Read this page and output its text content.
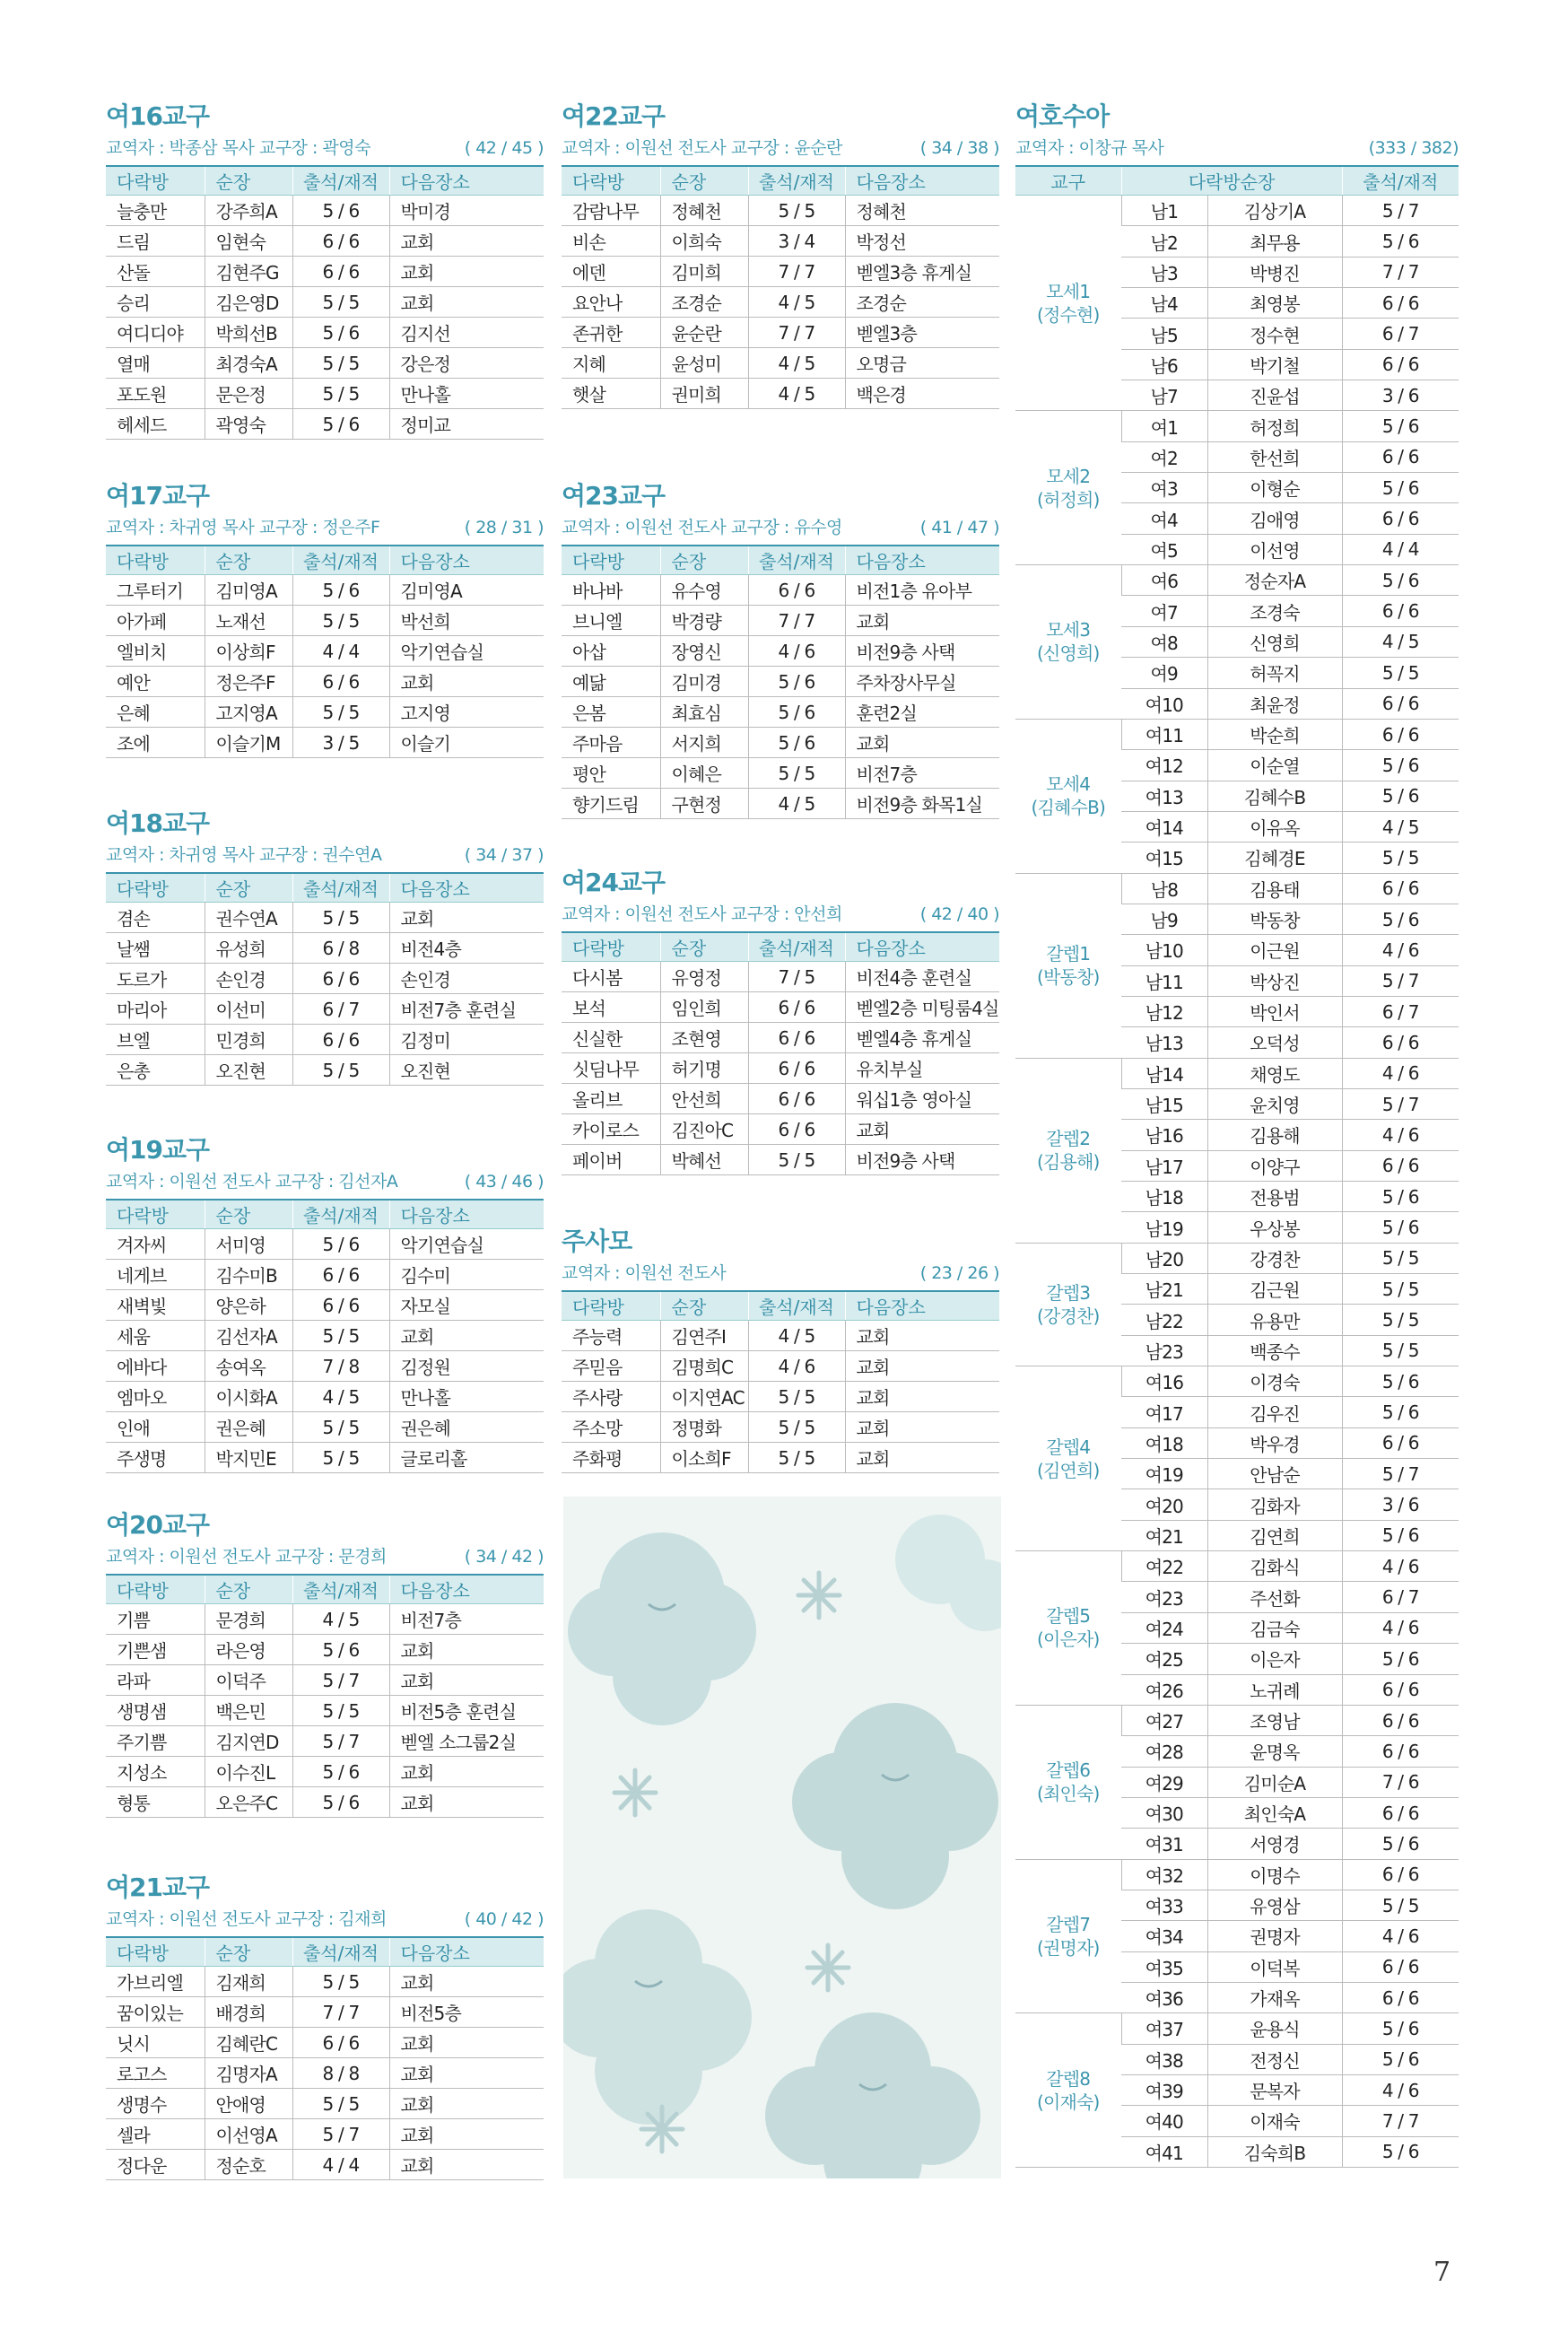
여호수아
교역자 : 이창규 목사	(333 / 382)
교구	다락방순장		출석/재적

모세1
(정수현)	남1	김상기A	5 / 7
	남2	최무용	5 / 6
	남3	박병진	7 / 7
	남4	최영봉	6 / 6
	남5	정수현	6 / 7
	남6	박기철	6 / 6
	남7	진윤섭	3 / 6

모세2
(허정희)	여1	허정희	5 / 6
	여2	한선희	6 / 6
	여3	이형순	5 / 6
	여4	김애영	6 / 6
	여5	이선영	4 / 4

모세3
(신영희)	여6	정순자A	5 / 6
	여7	조경숙	6 / 6
	여8	신영희	4 / 5
	여9	허꼭지	5 / 5
	여10	최윤정	6 / 6

모세4
(김혜수B)	여11	박순희	6 / 6
	여12	이순열	5 / 6
	여13	김혜수B	5 / 6
	여14	이유옥	4 / 5
	여15	김혜경E	5 / 5

갈렙1
(박동창)	남8	김용태	6 / 6
	남9	박동창	5 / 6
	남10	이근원	4 / 6
	남11	박상진	5 / 7
	남12	박인서	6 / 7
	남13	오덕성	6 / 6

갈렙2
(김용해)	남14	채영도	4 / 6
	남15	윤치영	5 / 7
	남16	김용해	4 / 6
	남17	이양구	6 / 6
	남18	전용범	5 / 6
	남19	우상봉	5 / 6

갈렙3
(강경찬)	남20	강경찬	5 / 5
	남21	김근원	5 / 5
	남22	유용만	5 / 5
	남23	백종수	5 / 5

갈렙4
(김연희)	여16	이경숙	5 / 6
	여17	김우진	5 / 6
	여18	박우경	6 / 6
	여19	안남순	5 / 7
	여20	김화자	3 / 6
	여21	김연희	5 / 6

갈렙5
(이은자)	여22	김화식	4 / 6
	여23	주선화	6 / 7
	여24	김금숙	4 / 6
	여25	이은자	5 / 6
	여26	노귀례	6 / 6

갈렙6
(최인숙)	여27	조영남	6 / 6
	여28	윤명옥	6 / 6
	여29	김미순A	7 / 6
	여30	최인숙A	6 / 6
	여31	서영경	5 / 6

갈렙7
(권명자)	여32	이명수	6 / 6
	여33	유영삼	5 / 5
	여34	권명자	4 / 6
	여35	이덕복	6 / 6
	여36	가재옥	6 / 6

갈렙8
(이재숙)	여37	윤용식	5 / 6
	여38	전정신	5 / 6
	여39	문복자	4 / 6
	여40	이재숙	7 / 7
	여41	김숙희B	5 / 6
7
여16교구
교역자 : 박종삼 목사 교구장 : 곽영숙	( 42 / 45 )
다락방	순장	출석/재적	다음장소
늘충만	강주희A	5 / 6	박미경
드림	임현숙	6 / 6	교회
산돌	김현주G	6 / 6	교회
승리	김은영D	5 / 5	교회
여디디야	박희선B	5 / 6	김지선
열매	최경숙A	5 / 5	강은정
포도원	문은정	5 / 5	만나홀
헤세드	곽영숙	5 / 6	정미교
여17교구
교역자 : 차귀영 목사 교구장 : 정은주F	( 28 / 31 )
다락방	순장	출석/재적	다음장소
그루터기	김미영A	5 / 6	김미영A
아가페	노재선	5 / 5	박선희
엘비치	이상희F	4 / 4	악기연습실
예안	정은주F	6 / 6	교회
은혜	고지영A	5 / 5	고지영
조에	이슬기M	3 / 5	이슬기
여18교구
교역자 : 차귀영 목사 교구장 : 권수연A	( 34 / 37 )
다락방	순장	출석/재적	다음장소
겸손	권수연A	5 / 5	교회
날쌤	유성희	6 / 8	비전4층
도르가	손인경	6 / 6	손인경
마리아	이선미	6 / 7	비전7층 훈련실
브엘	민경희	6 / 6	김정미
은총	오진현	5 / 5	오진현
여19교구
교역자 : 이원선 전도사 교구장 : 김선자A	( 43 / 46 )
다락방	순장	출석/재적	다음장소
겨자씨	서미영	5 / 6	악기연습실
네게브	김수미B	6 / 6	김수미
새벽빛	양은하	6 / 6	자모실
세움	김선자A	5 / 5	교회
에바다	송여옥	7 / 8	김정원
엠마오	이시화A	4 / 5	만나홀
인애	권은혜	5 / 5	권은혜
주생명	박지민E	5 / 5	글로리홀
여20교구
교역자 : 이원선 전도사 교구장 : 문경희	( 34 / 42 )
다락방	순장	출석/재적	다음장소
기쁨	문경희	4 / 5	비전7층
기쁜샘	라은영	5 / 6	교회
라파	이덕주	5 / 7	교회
생명샘	백은민	5 / 5	비전5층 훈련실
주기쁨	김지연D	5 / 7	벧엘 소그룹2실
지성소	이수진L	5 / 6	교회
형통	오은주C	5 / 6	교회
여21교구
교역자 : 이원선 전도사 교구장 : 김재희	( 40 / 42 )
다락방	순장	출석/재적	다음장소
가브리엘	김재희	5 / 5	교회
꿈이있는	배경희	7 / 7	비전5층
닛시	김혜란C	6 / 6	교회
로고스	김명자A	8 / 8	교회
생명수	안애영	5 / 5	교회
셀라	이선영A	5 / 7	교회
정다운	정순호	4 / 4	교회
여22교구
교역자 : 이원선 전도사 교구장 : 윤순란	( 34 / 38 )
다락방	순장	출석/재적	다음장소
감람나무	정혜천	5 / 5	정혜천
비손	이희숙	3 / 4	박정선
에덴	김미희	7 / 7	벧엘3층 휴게실
요안나	조경순	4 / 5	조경순
존귀한	윤순란	7 / 7	벧엘3층
지혜	윤성미	4 / 5	오명금
햇살	권미희	4 / 5	백은경
여23교구
교역자 : 이원선 전도사 교구장 : 유수영	( 41 / 47 )
다락방	순장	출석/재적	다음장소
바나바	유수영	6 / 6	비전1층 유아부
브니엘	박경량	7 / 7	교회
아삽	장영신	4 / 6	비전9층 사택
예닮	김미경	5 / 6	주차장사무실
은봄	최효심	5 / 6	훈련2실
주마음	서지희	5 / 6	교회
평안	이혜은	5 / 5	비전7층
향기드림	구현정	4 / 5	비전9층 화목1실
여24교구
교역자 : 이원선 전도사 교구장 : 안선희	( 42 / 40 )
다락방	순장	출석/재적	다음장소
다시봄	유영정	7 / 5	비전4층 훈련실
보석	임인희	6 / 6	벧엘2층 미팅룸4실
신실한	조현영	6 / 6	벧엘4층 휴게실
싯딤나무	허기명	6 / 6	유치부실
올리브	안선희	6 / 6	워십1층 영아실
카이로스	김진아C	6 / 6	교회
페이버	박혜선	5 / 5	비전9층 사택
주사모
교역자 : 이원선 전도사	( 23 / 26 )
다락방	순장	출석/재적	다음장소
주능력	김연주I	4 / 5	교회
주믿음	김명희C	4 / 6	교회
주사랑	이지연AC	5 / 5	교회
주소망	정명화	5 / 5	교회
주화평	이소희F	5 / 5	교회
